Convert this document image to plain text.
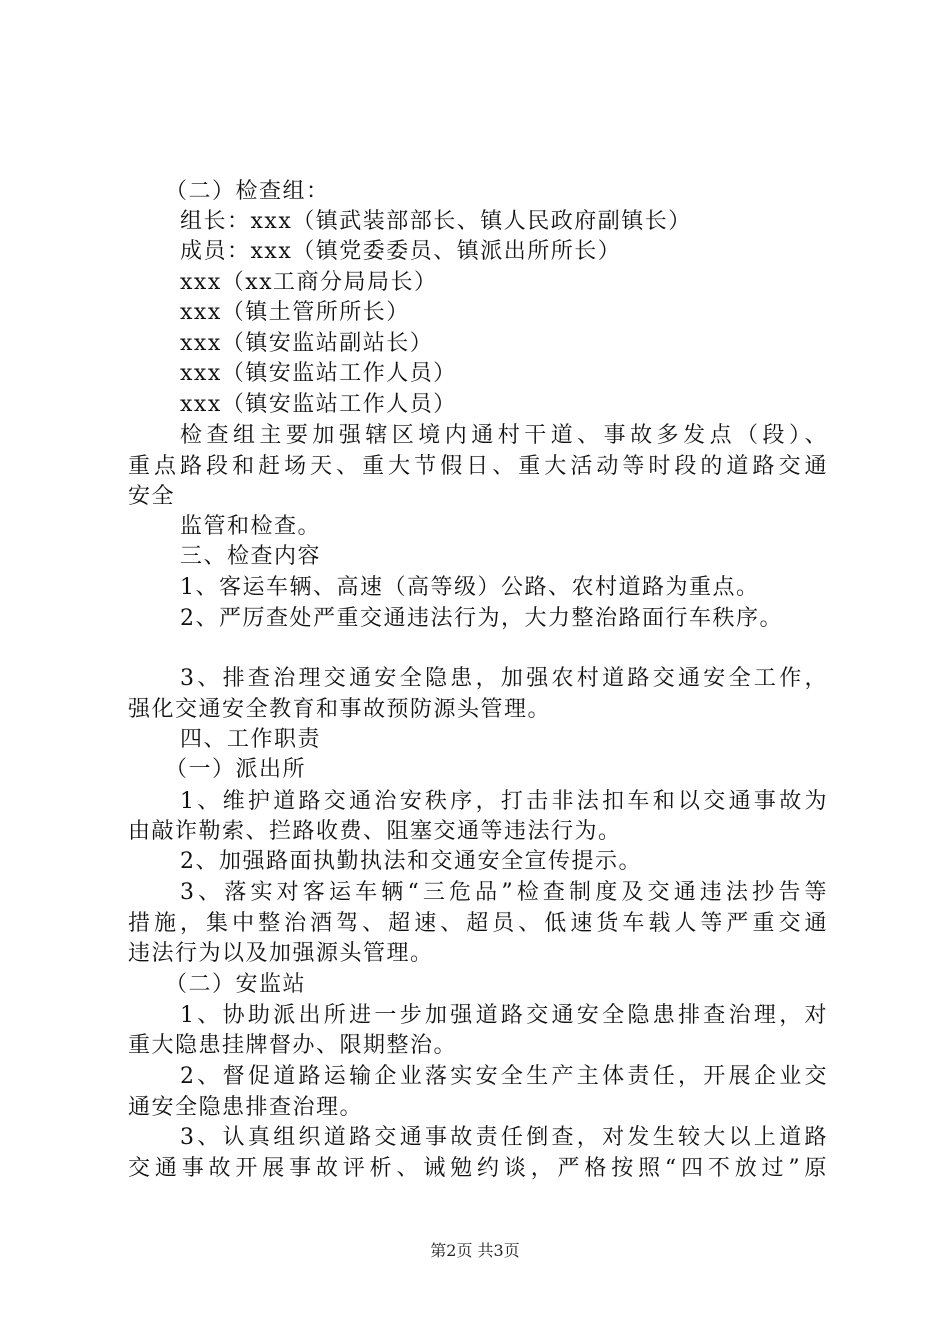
（二）检查组：
组长：xxx（镇武装部部长、镇人民政府副镇长）
成员：xxx（镇党委委员、镇派出所所长）
xxx（xx工商分局局长）
xxx（镇土管所所长）
xxx（镇安监站副站长）
xxx（镇安监站工作人员）
xxx（镇安监站工作人员）
检查组主要加强辖区境内通村干道、事故多发点（段）、
重点路段和赶场天、重大节假日、重大活动等时段的道路交通
安全
监管和检查。
三、检查内容
1、客运车辆、高速（高等级）公路、农村道路为重点。
2、严厉查处严重交通违法行为，大力整治路面行车秩序。
3、排查治理交通安全隐患，加强农村道路交通安全工作，
强化交通安全教育和事故预防源头管理。
四、工作职责
（一）派出所
1、维护道路交通治安秩序，打击非法扣车和以交通事故为
由敲诈勒索、拦路收费、阻塞交通等违法行为。
2、加强路面执勤执法和交通安全宣传提示。
3、落实对客运车辆“三危品”检查制度及交通违法抄告等
措施，集中整治酒驾、超速、超员、低速货车载人等严重交通
违法行为以及加强源头管理。
（二）安监站
1、协助派出所进一步加强道路交通安全隐患排查治理，对
重大隐患挂牌督办、限期整治。
2、督促道路运输企业落实安全生产主体责任，开展企业交
通安全隐患排查治理。
3、认真组织道路交通事故责任倒查，对发生较大以上道路
交通事故开展事故评析、诫勉约谈，严格按照“四不放过”原
第2页 共3页
